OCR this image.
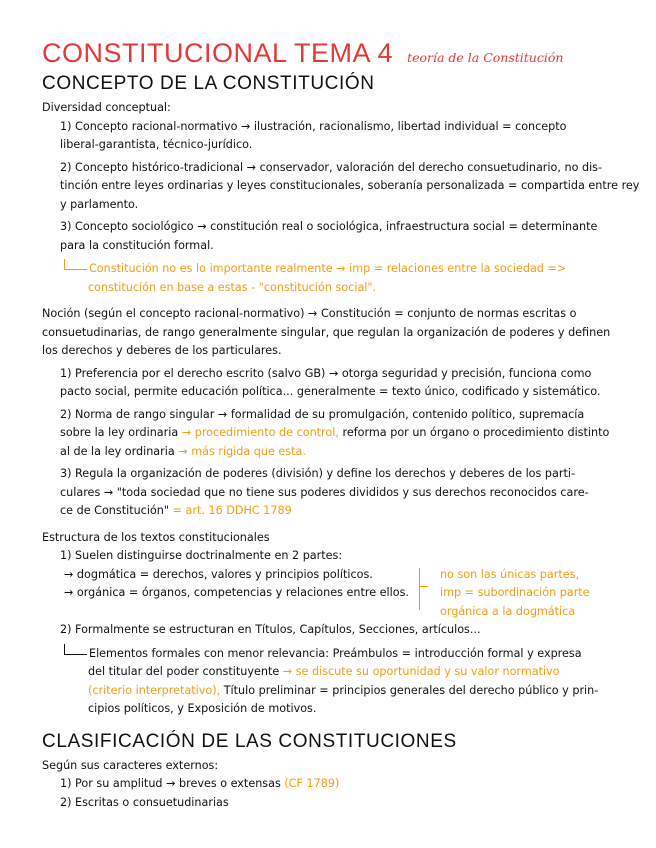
CONSTITUCIONAL TEMA 4 teoría de la Constitución
CONCEPTO DE LA CONSTITUCIÓN
Diversidad conceptual:
1) Concepto racional-normativo → ilustración, racionalismo, libertad individual = concepto
liberal-garantista, técnico-jurídico.
2) Concepto histórico-tradicional → conservador, valoración del derecho consuetudinario, no dis-
tinción entre leyes ordinarias y leyes constitucionales, soberanía personalizada = compartida entre rey
y parlamento.
3) Concepto sociológico → constitución real o sociológica, infraestructura social = determinante
para la constitución formal.
Constitución no es lo importante realmente → imp = relaciones entre la sociedad =>
constitución en base a estas - "constitución social".
Noción (según el concepto racional-normativo) → Constitución = conjunto de normas escritas o
consuetudinarias, de rango generalmente singular, que regulan la organización de poderes y definen
los derechos y deberes de los particulares.
1) Preferencia por el derecho escrito (salvo GB) → otorga seguridad y precisión, funciona como
pacto social, permite educación política... generalmente = texto único, codificado y sistemático.
2) Norma de rango singular → formalidad de su promulgación, contenido político, supremacía
sobre la ley ordinaria → procedimiento de control, reforma por un órgano o procedimiento distinto
al de la ley ordinaria → más rígida que esta.
3) Regula la organización de poderes (división) y define los derechos y deberes de los parti-
culares → "toda sociedad que no tiene sus poderes divididos y sus derechos reconocidos care-
ce de Constitución" = art. 16 DDHC 1789
Estructura de los textos constitucionales
1) Suelen distinguirse doctrinalmente en 2 partes:
→ dogmática = derechos, valores y principios políticos.
→ orgánica = órganos, competencias y relaciones entre ellos.
no son las únicas partes,
imp = subordinación parte
orgánica a la dogmática
2) Formalmente se estructuran en Títulos, Capítulos, Secciones, artículos...
Elementos formales con menor relevancia: Preámbulos = introducción formal y expresa
del titular del poder constituyente → se discute su oportunidad y su valor normativo
(criterio interpretativo), Título preliminar = principios generales del derecho público y prin-
cipios políticos, y Exposición de motivos.
CLASIFICACIÓN DE LAS CONSTITUCIONES
Según sus caracteres externos:
1) Por su amplitud → breves o extensas (CF 1789)
2) Escritas o consuetudinarias
